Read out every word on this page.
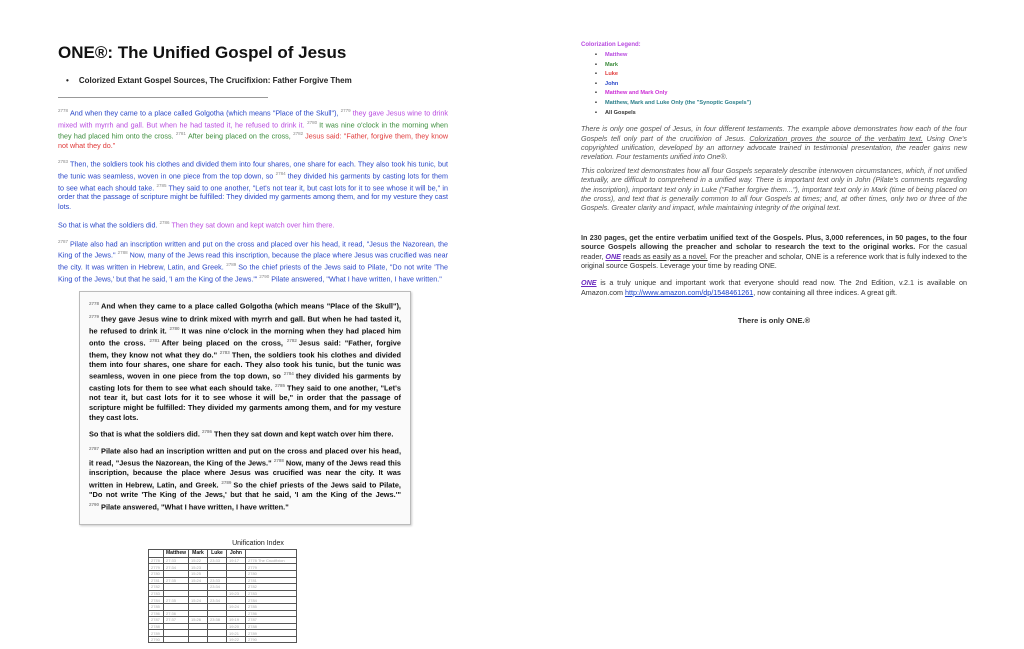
ONE®: The Unified Gospel of Jesus
• Colorized Extant Gospel Sources, The Crucifixion: Father Forgive Them

$^{2778}$ And when they came to a place called Golgotha (which means "Place of the Skull"), $^{2779}$ they gave Jesus wine to drink mixed with myrrh and gall. But when he had tasted it, he refused to drink it. $^{2780}$ It was nine o'clock in the morning when they had placed him onto the cross. $^{2781}$ After being placed on the cross, $^{2782}$ Jesus said: "Father, forgive them, they know not what they do."

$^{2783}$ Then, the soldiers took his clothes and divided them into four shares, one share for each. They also took his tunic, but the tunic was seamless, woven in one piece from the top down, so $^{2784}$ they divided his garments by casting lots for them to see what each should take. $^{2785}$ They said to one another, "Let's not tear it, but cast lots for it to see whose it will be," in order that the passage of scripture might be fulfilled: They divided my garments among them, and for my vesture they cast lots.

So that is what the soldiers did. $^{2786}$ Then they sat down and kept watch over him there.

$^{2787}$ Pilate also had an inscription written and put on the cross and placed over his head, it read, "Jesus the Nazorean, the King of the Jews." $^{2788}$ Now, many of the Jews read this inscription, because the place where Jesus was crucified was near the city. It was written in Hebrew, Latin, and Greek. $^{2789}$ So the chief priests of the Jews said to Pilate, "Do not write 'The King of the Jews,' but that he said, 'I am the King of the Jews.'" $^{2790}$ Pilate answered, "What I have written, I have written."

$^{2778}$ And when they came to a place called Golgotha (which means "Place of the Skull"), $^{2779}$ they gave Jesus wine to drink mixed with myrrh and gall. But when he had tasted it, he refused to drink it. $^{2780}$ It was nine o'clock in the morning when they had placed him onto the cross. $^{2781}$ After being placed on the cross, $^{2782}$ Jesus said: "Father, forgive them, they know not what they do." $^{2783}$ Then, the soldiers took his clothes and divided them into four shares, one share for each. They also took his tunic, but the tunic was seamless, woven in one piece from the top down, so $^{2784}$ they divided his garments by casting lots for them to see what each should take. $^{2785}$ They said to one another, "Let's not tear it, but cast lots for it to see whose it will be," in order that the passage of scripture might be fulfilled: They divided my garments among them, and for my vesture they cast lots.

So that is what the soldiers did. $^{2786}$ Then they sat down and kept watch over him there.

$^{2787}$ Pilate also had an inscription written and put on the cross and placed over his head, it read, "Jesus the Nazorean, the King of the Jews." $^{2788}$ Now, many of the Jews read this inscription, because the place where Jesus was crucified was near the city. It was written in Hebrew, Latin, and Greek. $^{2789}$ So the chief priests of the Jews said to Pilate, "Do not write 'The King of the Jews,' but that he said, 'I am the King of the Jews.'" $^{2790}$ Pilate answered, "What I have written, I have written."

Unification Index
	Matthew	Mark	Luke	John	
2778	27:33	15:22	23:33	19:17	2778 The Crucifixion
2779	27:34	15:23			2779
2780		15:25			2780
2781	27:35	15:24	23:33		2781
2782			23:34		2782
2783				19:23	2783
2784	27:35	15:24	23:34		2784
2785				19:24	2785
2786	27:36				2786
2787	27:37	15:26	23:38	19:19	2787
2788				19:20	2788
2789				19:21	2789
2790				19:22	2790
Colorization Legend:
• Matthew
• Mark
• Luke
• John
• Matthew and Mark Only
• Matthew, Mark and Luke Only (the "Synoptic Gospels")
• All Gospels

There is only one gospel of Jesus, in four different testaments. The example above demonstrates how each of the four Gospels tell only part of the crucifixion of Jesus. Colorization proves the source of the verbatim text. Using One's copyrighted unification, developed by an attorney advocate trained in testimonial presentation, the reader gains new revelation. Four testaments unified into One®.

This colorized text demonstrates how all four Gospels separately describe interwoven circumstances, which, if not unified textually, are difficult to comprehend in a unified way. There is important text only in John (Pilate's comments regarding the inscription), important text only in Luke ("Father forgive them..."), important text only in Mark (time of being placed on the cross), and text that is generally common to all four Gospels at times; and, at other times, only two or three of the Gospels. Greater clarity and impact, while maintaining integrity of the original text.

In 230 pages, get the entire verbatim unified text of the Gospels. Plus, 3,000 references, in 50 pages, to the four source Gospels allowing the preacher and scholar to research the text to the original works. For the casual reader, ONE reads as easily as a novel. For the preacher and scholar, ONE is a reference work that is fully indexed to the original source Gospels. Leverage your time by reading ONE.

ONE is a truly unique and important work that everyone should read now. The 2nd Edition, v.2.1 is available on Amazon.com http://www.amazon.com/dp/1548461261, now containing all three indices. A great gift.

There is only ONE.®
